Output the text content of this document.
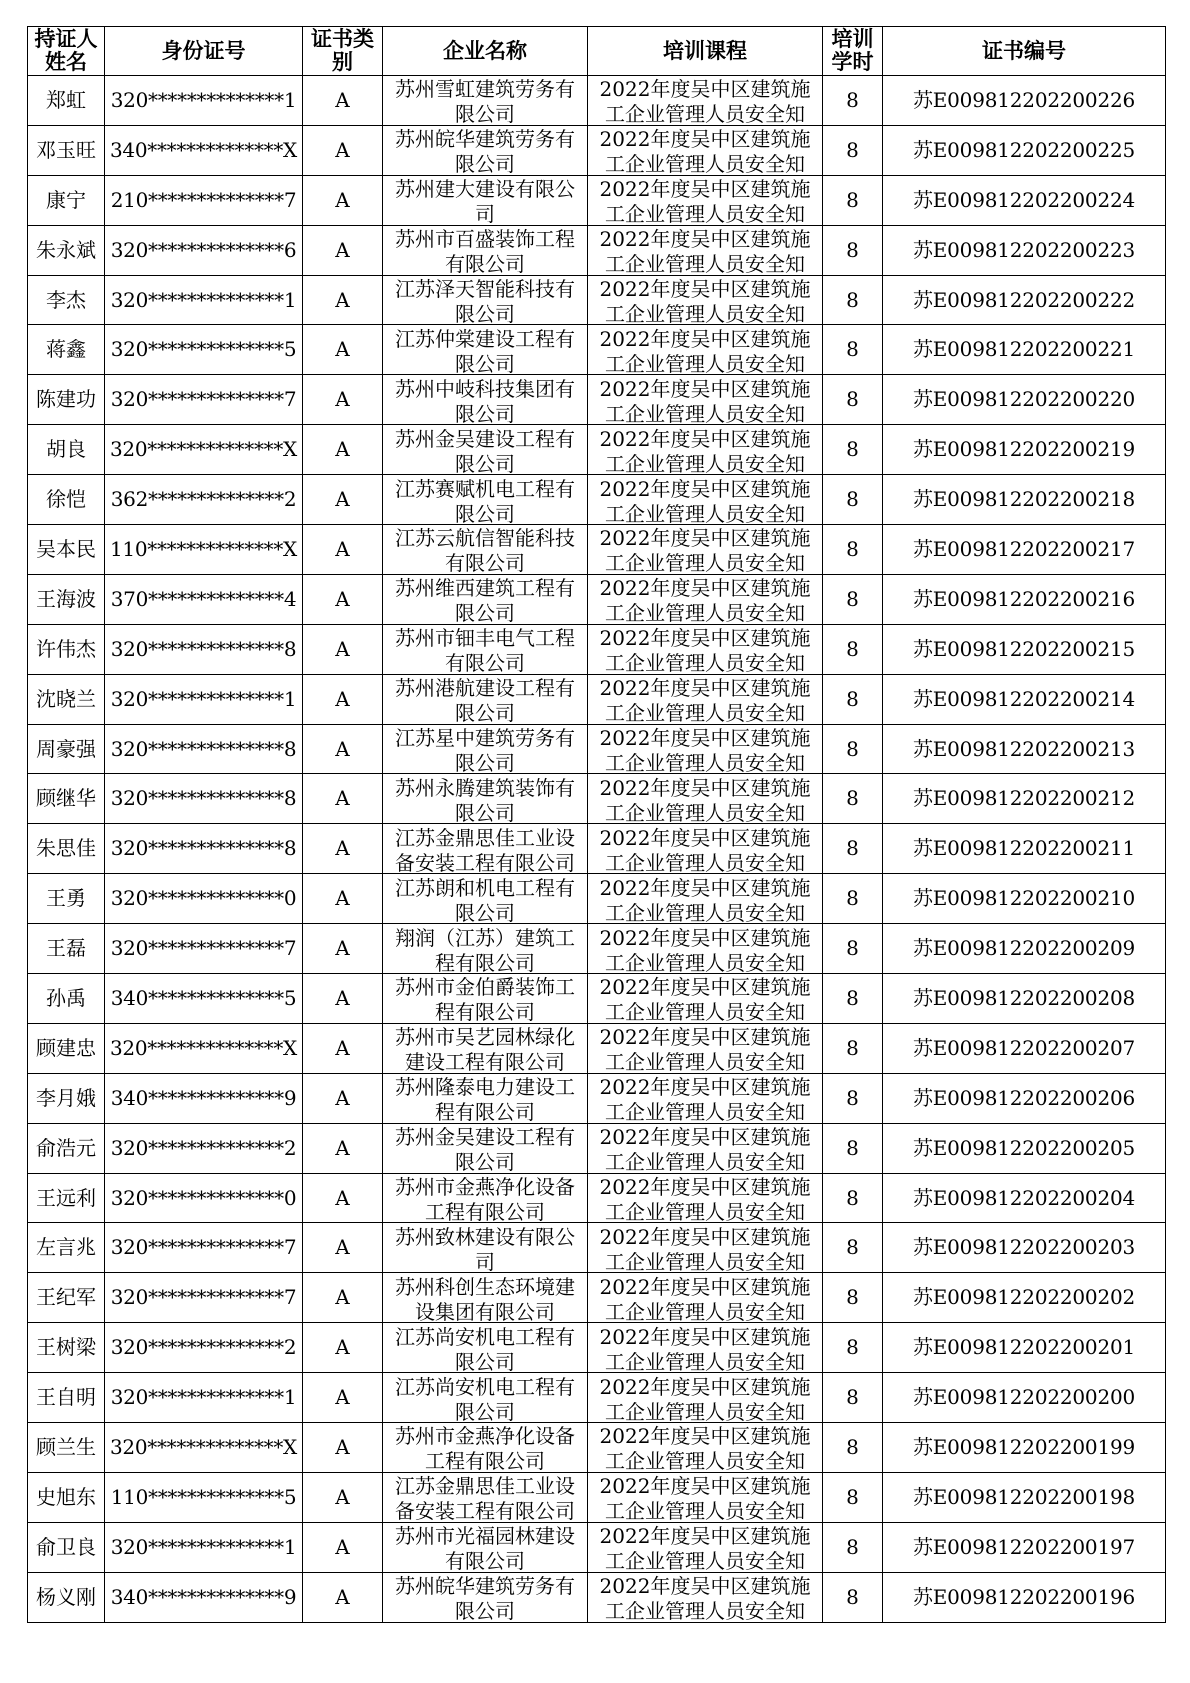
持证人姓名	身份证号	证书类别	企业名称	培训课程	培训学时	证书编号
郑虹	320**************1	A	苏州雪虹建筑劳务有限公司	2022年度吴中区建筑施工企业管理人员安全知	8	苏E009812202200226
邓玉旺	340**************X	A	苏州皖华建筑劳务有限公司	2022年度吴中区建筑施工企业管理人员安全知	8	苏E009812202200225
康宁	210**************7	A	苏州建大建设有限公司	2022年度吴中区建筑施工企业管理人员安全知	8	苏E009812202200224
朱永斌	320**************6	A	苏州市百盛装饰工程有限公司	2022年度吴中区建筑施工企业管理人员安全知	8	苏E009812202200223
李杰	320**************1	A	江苏泽天智能科技有限公司	2022年度吴中区建筑施工企业管理人员安全知	8	苏E009812202200222
蒋鑫	320**************5	A	江苏仲棠建设工程有限公司	2022年度吴中区建筑施工企业管理人员安全知	8	苏E009812202200221
陈建功	320**************7	A	苏州中岐科技集团有限公司	2022年度吴中区建筑施工企业管理人员安全知	8	苏E009812202200220
胡良	320**************X	A	苏州金吴建设工程有限公司	2022年度吴中区建筑施工企业管理人员安全知	8	苏E009812202200219
徐恺	362**************2	A	江苏赛赋机电工程有限公司	2022年度吴中区建筑施工企业管理人员安全知	8	苏E009812202200218
吴本民	110**************X	A	江苏云航信智能科技有限公司	2022年度吴中区建筑施工企业管理人员安全知	8	苏E009812202200217
王海波	370**************4	A	苏州维西建筑工程有限公司	2022年度吴中区建筑施工企业管理人员安全知	8	苏E009812202200216
许伟杰	320**************8	A	苏州市钿丰电气工程有限公司	2022年度吴中区建筑施工企业管理人员安全知	8	苏E009812202200215
沈晓兰	320**************1	A	苏州港航建设工程有限公司	2022年度吴中区建筑施工企业管理人员安全知	8	苏E009812202200214
周豪强	320**************8	A	江苏星中建筑劳务有限公司	2022年度吴中区建筑施工企业管理人员安全知	8	苏E009812202200213
顾继华	320**************8	A	苏州永腾建筑装饰有限公司	2022年度吴中区建筑施工企业管理人员安全知	8	苏E009812202200212
朱思佳	320**************8	A	江苏金鼎思佳工业设备安装工程有限公司	2022年度吴中区建筑施工企业管理人员安全知	8	苏E009812202200211
王勇	320**************0	A	江苏朗和机电工程有限公司	2022年度吴中区建筑施工企业管理人员安全知	8	苏E009812202200210
王磊	320**************7	A	翔润（江苏）建筑工程有限公司	2022年度吴中区建筑施工企业管理人员安全知	8	苏E009812202200209
孙禹	340**************5	A	苏州市金伯爵装饰工程有限公司	2022年度吴中区建筑施工企业管理人员安全知	8	苏E009812202200208
顾建忠	320**************X	A	苏州市吴艺园林绿化建设工程有限公司	2022年度吴中区建筑施工企业管理人员安全知	8	苏E009812202200207
李月娥	340**************9	A	苏州隆泰电力建设工程有限公司	2022年度吴中区建筑施工企业管理人员安全知	8	苏E009812202200206
俞浩元	320**************2	A	苏州金吴建设工程有限公司	2022年度吴中区建筑施工企业管理人员安全知	8	苏E009812202200205
王远利	320**************0	A	苏州市金燕净化设备工程有限公司	2022年度吴中区建筑施工企业管理人员安全知	8	苏E009812202200204
左言兆	320**************7	A	苏州致林建设有限公司	2022年度吴中区建筑施工企业管理人员安全知	8	苏E009812202200203
王纪军	320**************7	A	苏州科创生态环境建设集团有限公司	2022年度吴中区建筑施工企业管理人员安全知	8	苏E009812202200202
王树梁	320**************2	A	江苏尚安机电工程有限公司	2022年度吴中区建筑施工企业管理人员安全知	8	苏E009812202200201
王自明	320**************1	A	江苏尚安机电工程有限公司	2022年度吴中区建筑施工企业管理人员安全知	8	苏E009812202200200
顾兰生	320**************X	A	苏州市金燕净化设备工程有限公司	2022年度吴中区建筑施工企业管理人员安全知	8	苏E009812202200199
史旭东	110**************5	A	江苏金鼎思佳工业设备安装工程有限公司	2022年度吴中区建筑施工企业管理人员安全知	8	苏E009812202200198
俞卫良	320**************1	A	苏州市光福园林建设有限公司	2022年度吴中区建筑施工企业管理人员安全知	8	苏E009812202200197
杨义刚	340**************9	A	苏州皖华建筑劳务有限公司	2022年度吴中区建筑施工企业管理人员安全知	8	苏E009812202200196
